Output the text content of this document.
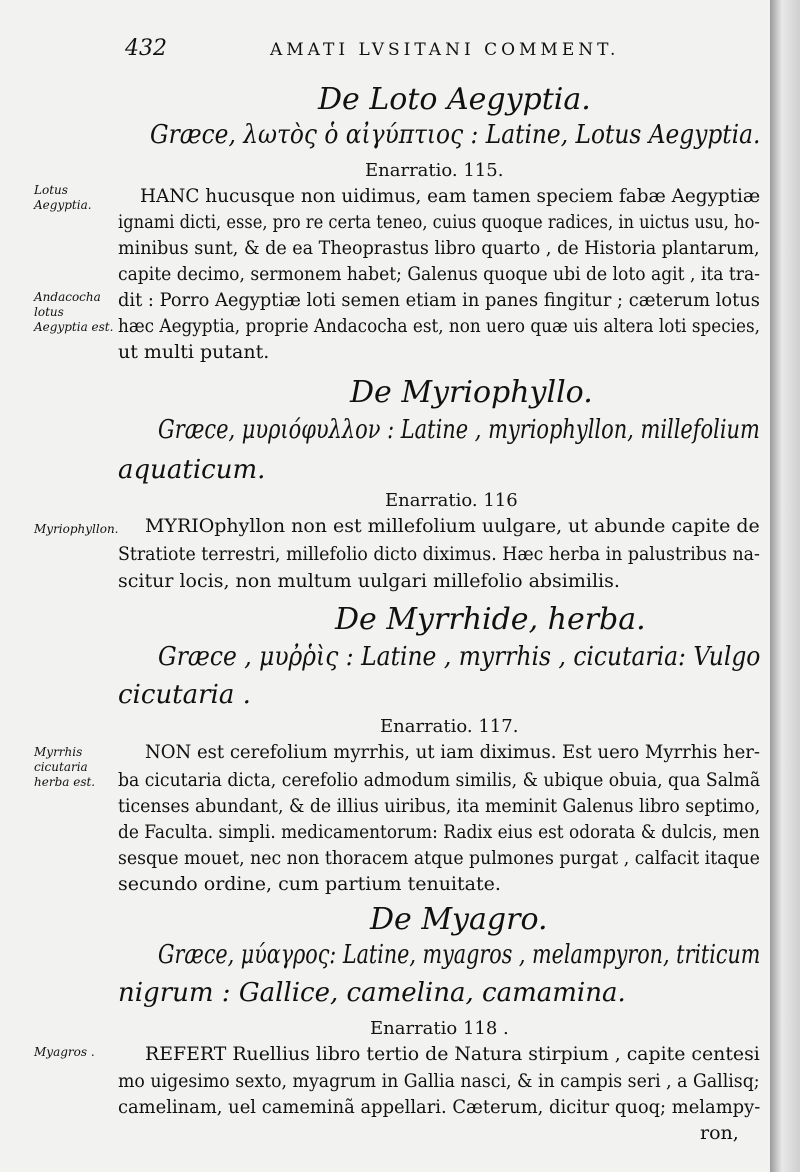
432	AMATI LVSITANI COMMENT.
Lotus Aegyptia.
Andacocha lotus Aegyptia est.
Myriophyllon.
Myrrhis cicutaria herba est.
Myagros .
De Loto Aegyptia.
Græce, λωτὸς ὁ αἰγύπτιος : Latine, Lotus Aegyptia.
Enarratio. 115.
HANC hucusque non uidimus, eam tamen speciem fabæ Aegyptiæ
ignami dicti, esse, pro re certa teneo, cuius quoque radices, in uictus usu, ho-
minibus sunt, & de ea Theoprastus libro quarto , de Historia plantarum,
capite decimo, sermonem habet; Galenus quoque ubi de loto agit , ita tra-
dit : Porro Aegyptiæ loti semen etiam in panes fingitur ; cæterum lotus
hæc Aegyptia, proprie Andacocha est, non uero quæ uis altera loti species,
ut multi putant.
De Myriophyllo.
Græce, μυριόφυλλον : Latine , myriophyllon, millefolium
aquaticum.
Enarratio. 116
MYRIOphyllon non est millefolium uulgare, ut abunde capite de
Stratiote terrestri, millefolio dicto diximus. Hæc herba in palustribus na-
scitur locis, non multum uulgari millefolio absimilis.
De Myrrhide, herba.
Græce , μυῤῥὶς : Latine , myrrhis , cicutaria: Vulgo
cicutaria .
Enarratio. 117.
NON est cerefolium myrrhis, ut iam diximus. Est uero Myrrhis her-
ba cicutaria dicta, cerefolio admodum similis, & ubique obuia, qua Salmã
ticenses abundant, & de illius uiribus, ita meminit Galenus libro septimo,
de Faculta. simpli. medicamentorum: Radix eius est odorata & dulcis, men
sesque mouet, nec non thoracem atque pulmones purgat , calfacit itaque
secundo ordine, cum partium tenuitate.
De Myagro.
Græce, μύαγρος: Latine, myagros , melampyron, triticum
nigrum : Gallice, camelina, camamina.
Enarratio 118 .
REFERT Ruellius libro tertio de Natura stirpium , capite centesi
mo uigesimo sexto, myagrum in Gallia nasci, & in campis seri , a Gallisq;
camelinam, uel cameminã appellari. Cæterum, dicitur quoq; melampy-
ron,
